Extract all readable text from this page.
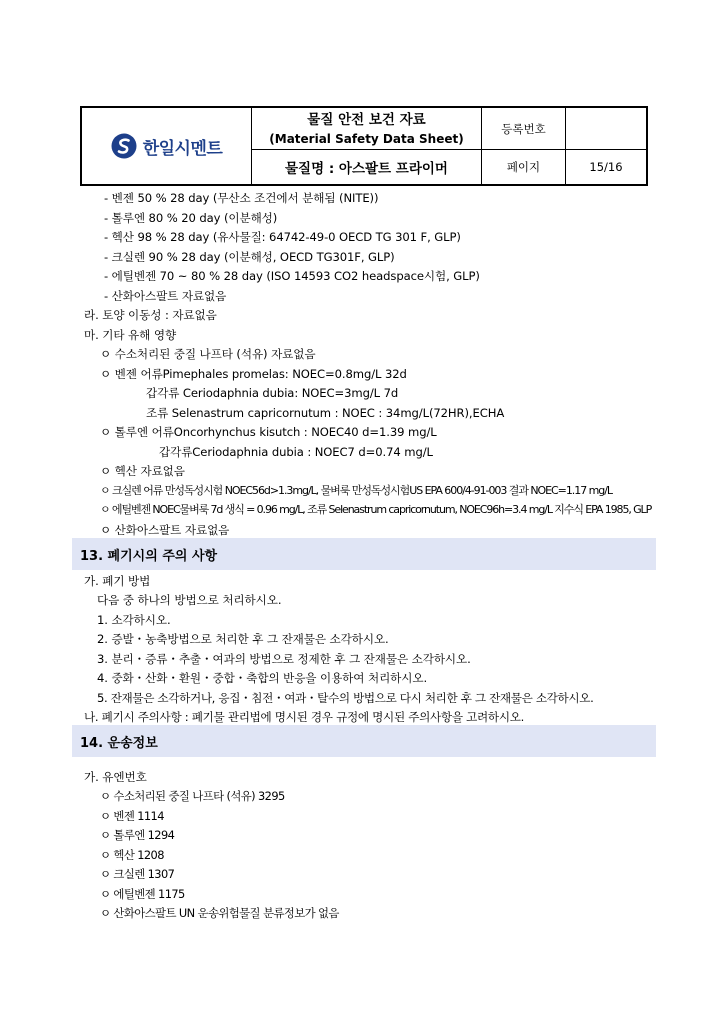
한일시멘트
물질 안전 보건 자료
(Material Safety Data Sheet)
물질명 : 아스팔트 프라이머
등록번호
페이지	15/16
- 벤젠 50 % 28 day (무산소 조건에서 분해됨 (NITE))
- 톨루엔 80 % 20 day (이분해성)
- 헥산 98 % 28 day (유사물질: 64742-49-0 OECD TG 301 F, GLP)
- 크실렌 90 % 28 day (이분해성, OECD TG301F, GLP)
- 에틸벤젠 70 ~ 80 % 28 day (ISO 14593 CO2 headspace시험, GLP)
- 산화아스팔트 자료없음
라. 토양 이동성 : 자료없음
마. 기타 유해 영향
ㅇ 수소처리된 중질 나프타 (석유) 자료없음
ㅇ 벤젠 어류Pimephales promelas: NOEC=0.8mg/L 32d
갑각류 Ceriodaphnia dubia: NOEC=3mg/L 7d
조류 Selenastrum capricornutum : NOEC : 34mg/L(72HR),ECHA
ㅇ 톨루엔 어류Oncorhynchus kisutch : NOEC40 d=1.39 mg/L
갑각류Ceriodaphnia dubia : NOEC7 d=0.74 mg/L
ㅇ 헥산 자료없음
ㅇ 크실렌 어류 만성독성시험 NOEC56d>1.3mg/L, 물벼룩 만성독성시험US EPA 600/4-91-003 결과 NOEC=1.17 mg/L
ㅇ 에틸벤젠 NOEC물벼룩 7d 생식 = 0.96 mg/L, 조류 Selenastrum capricornutum, NOEC96h=3.4 mg/L 지수식 EPA 1985, GLP
ㅇ 산화아스팔트 자료없음
13. 폐기시의 주의 사항
가. 폐기 방법
다음 중 하나의 방법으로 처리하시오.
1. 소각하시오.
2. 증발・농축방법으로 처리한 후 그 잔재물은 소각하시오.
3. 분리・증류・추출・여과의 방법으로 정제한 후 그 잔재물은 소각하시오.
4. 중화・산화・환원・중합・축합의 반응을 이용하여 처리하시오.
5. 잔재물은 소각하거나, 응집・침전・여과・탈수의 방법으로 다시 처리한 후 그 잔재물은 소각하시오.
나. 폐기시 주의사항 : 폐기물 관리법에 명시된 경우 규정에 명시된 주의사항을 고려하시오.
14. 운송정보
가. 유엔번호
ㅇ 수소처리된 중질 나프타 (석유) 3295
ㅇ 벤젠 1114
ㅇ 톨루엔 1294
ㅇ 헥산 1208
ㅇ 크실렌 1307
ㅇ 에틸벤젠 1175
ㅇ 산화아스팔트 UN 운송위험물질 분류정보가 없음
